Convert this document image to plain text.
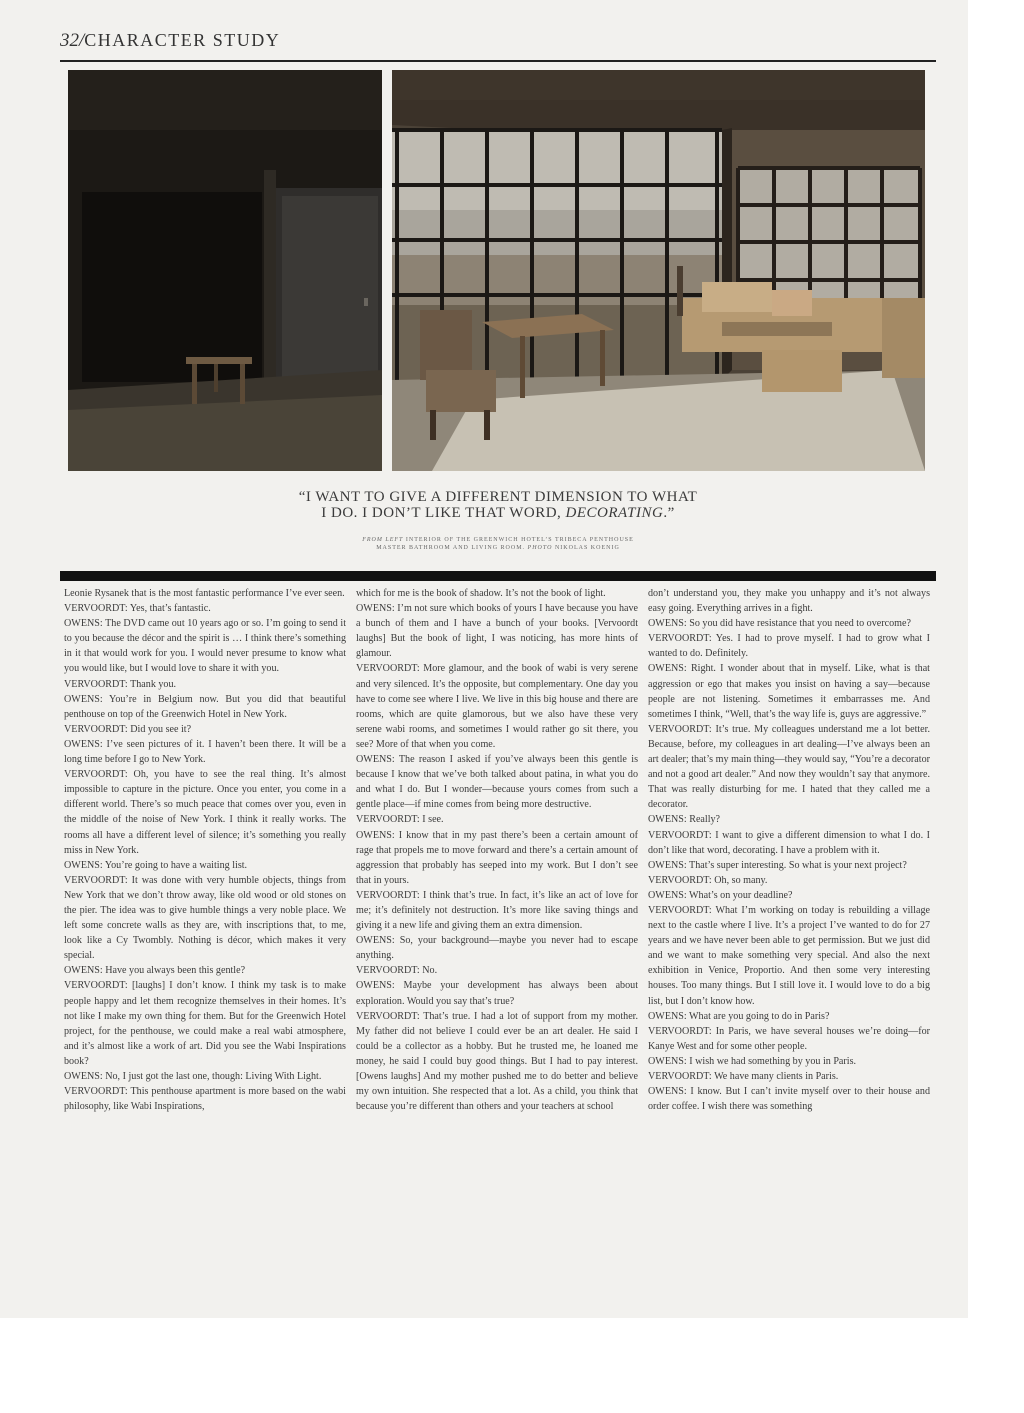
32/CHARACTER STUDY
“I WANT TO GIVE A DIFFERENT DIMENSION TO WHAT
I DO. I DON’T LIKE THAT WORD, DECORATING.”
FROM LEFT INTERIOR OF THE GREENWICH HOTEL’S TRIBECA PENTHOUSE
MASTER BATHROOM AND LIVING ROOM. PHOTO NIKOLAS KOENIG

Leonie Rysanek that is the most fantastic performance I’ve ever seen.

VERVOORDT: Yes, that’s fantastic.

OWENS: The DVD came out 10 years ago or so. I’m going to send it to you because the décor and the spirit is … I think there’s something in it that would work for you. I would never presume to know what you would like, but I would love to share it with you.

VERVOORDT: Thank you.

OWENS: You’re in Belgium now. But you did that beautiful penthouse on top of the Greenwich Hotel in New York.

VERVOORDT: Did you see it?

OWENS: I’ve seen pictures of it. I haven’t been there. It will be a long time before I go to New York.

VERVOORDT: Oh, you have to see the real thing. It’s almost impossible to capture in the picture. Once you enter, you come in a different world. There’s so much peace that comes over you, even in the middle of the noise of New York. I think it really works. The rooms all have a different level of silence; it’s something you really miss in New York.

OWENS: You’re going to have a waiting list.

VERVOORDT: It was done with very humble objects, things from New York that we don’t throw away, like old wood or old stones on the pier. The idea was to give humble things a very noble place. We left some concrete walls as they are, with inscriptions that, to me, look like a Cy Twombly. Nothing is décor, which makes it very special.

OWENS: Have you always been this gentle?

VERVOORDT: [laughs] I don’t know. I think my task is to make people happy and let them recognize themselves in their homes. It’s not like I make my own thing for them. But for the Greenwich Hotel project, for the penthouse, we could make a real wabi atmosphere, and it’s almost like a work of art. Did you see the Wabi Inspirations book?

OWENS: No, I just got the last one, though: Living With Light.

VERVOORDT: This penthouse apartment is more based on the wabi philosophy, like Wabi Inspirations,

which for me is the book of shadow. It’s not the book of light.

OWENS: I’m not sure which books of yours I have because you have a bunch of them and I have a bunch of your books. [Vervoordt laughs] But the book of light, I was noticing, has more hints of glamour.

VERVOORDT: More glamour, and the book of wabi is very serene and very silenced. It’s the opposite, but complementary. One day you have to come see where I live. We live in this big house and there are rooms, which are quite glamorous, but we also have these very serene wabi rooms, and sometimes I would rather go sit there, you see? More of that when you come.

OWENS: The reason I asked if you’ve always been this gentle is because I know that we’ve both talked about patina, in what you do and what I do. But I wonder—because yours comes from such a gentle place—if mine comes from being more destructive.

VERVOORDT: I see.

OWENS: I know that in my past there’s been a certain amount of rage that propels me to move forward and there’s a certain amount of aggression that probably has seeped into my work. But I don’t see that in yours.

VERVOORDT: I think that’s true. In fact, it’s like an act of love for me; it’s definitely not destruction. It’s more like saving things and giving it a new life and giving them an extra dimension.

OWENS: So, your background—maybe you never had to escape anything.

VERVOORDT: No.

OWENS: Maybe your development has always been about exploration. Would you say that’s true?

VERVOORDT: That’s true. I had a lot of support from my mother. My father did not believe I could ever be an art dealer. He said I could be a collector as a hobby. But he trusted me, he loaned me money, he said I could buy good things. But I had to pay interest. [Owens laughs] And my mother pushed me to do better and believe my own intuition. She respected that a lot. As a child, you think that because you’re different than others and your teachers at school

don’t understand you, they make you unhappy and it’s not always easy going. Everything arrives in a fight.

OWENS: So you did have resistance that you need to overcome?

VERVOORDT: Yes. I had to prove myself. I had to grow what I wanted to do. Definitely.

OWENS: Right. I wonder about that in myself. Like, what is that aggression or ego that makes you insist on having a say—because people are not listening. Sometimes it embarrasses me. And sometimes I think, “Well, that’s the way life is, guys are aggressive.”

VERVOORDT: It’s true. My colleagues understand me a lot better. Because, before, my colleagues in art dealing—I’ve always been an art dealer; that’s my main thing—they would say, “You’re a decorator and not a good art dealer.” And now they wouldn’t say that anymore. That was really disturbing for me. I hated that they called me a decorator.

OWENS: Really?

VERVOORDT: I want to give a different dimension to what I do. I don’t like that word, decorating. I have a problem with it.

OWENS: That’s super interesting. So what is your next project?

VERVOORDT: Oh, so many.

OWENS: What’s on your deadline?

VERVOORDT: What I’m working on today is rebuilding a village next to the castle where I live. It’s a project I’ve wanted to do for 27 years and we have never been able to get permission. But we just did and we want to make something very special. And also the next exhibition in Venice, Proportio. And then some very interesting houses. Too many things. But I still love it. I would love to do a big list, but I don’t know how.

OWENS: What are you going to do in Paris?

VERVOORDT: In Paris, we have several houses we’re doing—for Kanye West and for some other people.

OWENS: I wish we had something by you in Paris.

VERVOORDT: We have many clients in Paris.

OWENS: I know. But I can’t invite myself over to their house and order coffee. I wish there was something
